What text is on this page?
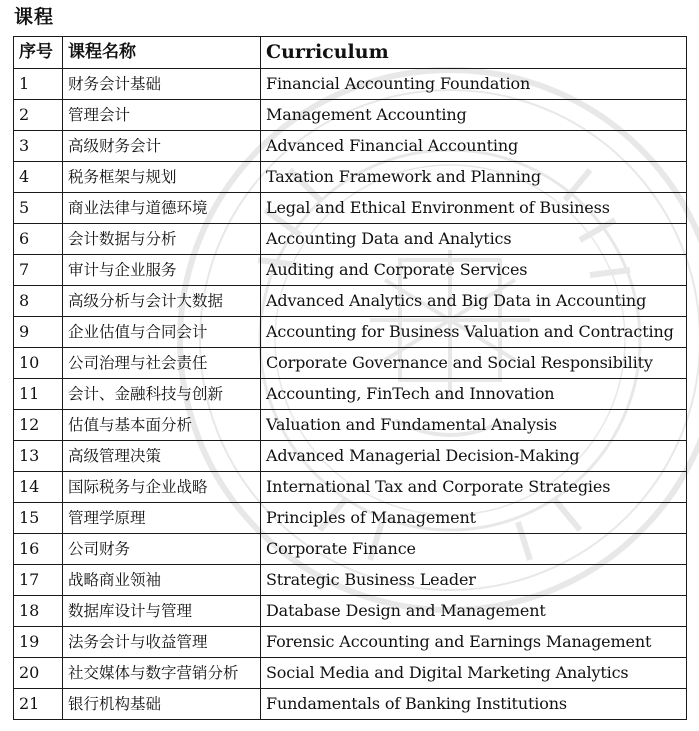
课程
序号	课程名称	Curriculum
1	财务会计基础	Financial Accounting Foundation
2	管理会计	Management Accounting
3	高级财务会计	Advanced Financial Accounting
4	税务框架与规划	Taxation Framework and Planning
5	商业法律与道德环境	Legal and Ethical Environment of Business
6	会计数据与分析	Accounting Data and Analytics
7	审计与企业服务	Auditing and Corporate Services
8	高级分析与会计大数据	Advanced Analytics and Big Data in Accounting
9	企业估值与合同会计	Accounting for Business Valuation and Contracting
10	公司治理与社会责任	Corporate Governance and Social Responsibility
11	会计、金融科技与创新	Accounting, FinTech and Innovation
12	估值与基本面分析	Valuation and Fundamental Analysis
13	高级管理决策	Advanced Managerial Decision-Making
14	国际税务与企业战略	International Tax and Corporate Strategies
15	管理学原理	Principles of Management
16	公司财务	Corporate Finance
17	战略商业领袖	Strategic Business Leader
18	数据库设计与管理	Database Design and Management
19	法务会计与收益管理	Forensic Accounting and Earnings Management
20	社交媒体与数字营销分析	Social Media and Digital Marketing Analytics
21	银行机构基础	Fundamentals of Banking Institutions
